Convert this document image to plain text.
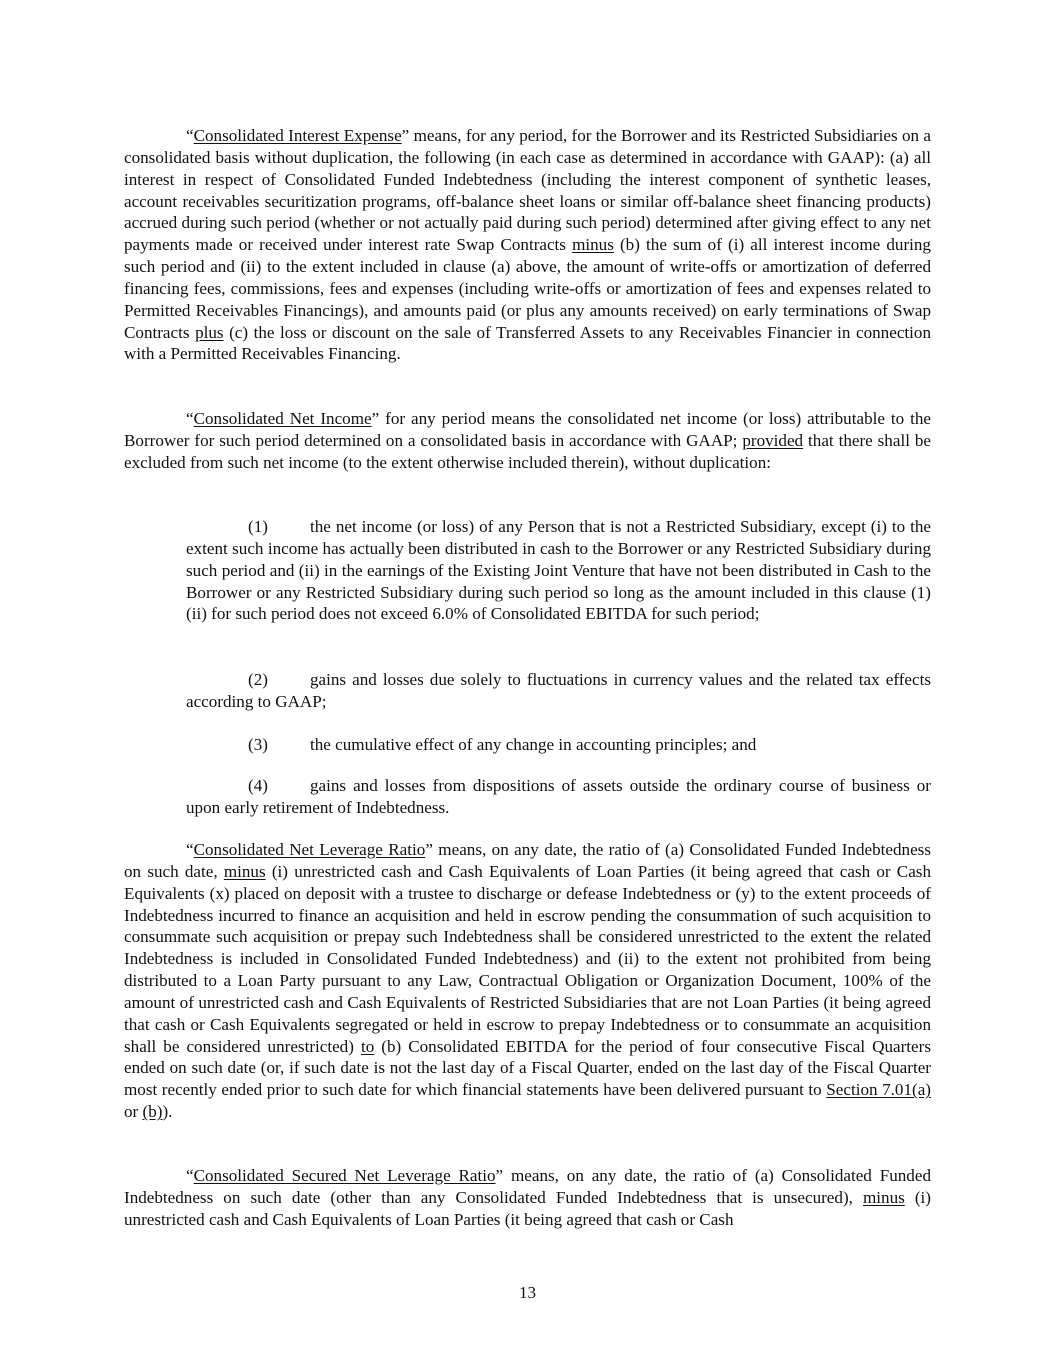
“Consolidated Interest Expense” means, for any period, for the Borrower and its Restricted Subsidiaries on a consolidated basis without duplication, the following (in each case as determined in accordance with GAAP): (a) all interest in respect of Consolidated Funded Indebtedness (including the interest component of synthetic leases, account receivables securitization programs, off-balance sheet loans or similar off-balance sheet financing products) accrued during such period (whether or not actually paid during such period) determined after giving effect to any net payments made or received under interest rate Swap Contracts minus (b) the sum of (i) all interest income during such period and (ii) to the extent included in clause (a) above, the amount of write-offs or amortization of deferred financing fees, commissions, fees and expenses (including write-offs or amortization of fees and expenses related to Permitted Receivables Financings), and amounts paid (or plus any amounts received) on early terminations of Swap Contracts plus (c) the loss or discount on the sale of Transferred Assets to any Receivables Financier in connection with a Permitted Receivables Financing.

“Consolidated Net Income” for any period means the consolidated net income (or loss) attributable to the Borrower for such period determined on a consolidated basis in accordance with GAAP; provided that there shall be excluded from such net income (to the extent otherwise included therein), without duplication:

(1) the net income (or loss) of any Person that is not a Restricted Subsidiary, except (i) to the extent such income has actually been distributed in cash to the Borrower or any Restricted Subsidiary during such period and (ii) in the earnings of the Existing Joint Venture that have not been distributed in Cash to the Borrower or any Restricted Subsidiary during such period so long as the amount included in this clause (1)(ii) for such period does not exceed 6.0% of Consolidated EBITDA for such period;

(2) gains and losses due solely to fluctuations in currency values and the related tax effects according to GAAP;

(3) the cumulative effect of any change in accounting principles; and

(4) gains and losses from dispositions of assets outside the ordinary course of business or upon early retirement of Indebtedness.

“Consolidated Net Leverage Ratio” means, on any date, the ratio of (a) Consolidated Funded Indebtedness on such date, minus (i) unrestricted cash and Cash Equivalents of Loan Parties (it being agreed that cash or Cash Equivalents (x) placed on deposit with a trustee to discharge or defease Indebtedness or (y) to the extent proceeds of Indebtedness incurred to finance an acquisition and held in escrow pending the consummation of such acquisition to consummate such acquisition or prepay such Indebtedness shall be considered unrestricted to the extent the related Indebtedness is included in Consolidated Funded Indebtedness) and (ii) to the extent not prohibited from being distributed to a Loan Party pursuant to any Law, Contractual Obligation or Organization Document, 100% of the amount of unrestricted cash and Cash Equivalents of Restricted Subsidiaries that are not Loan Parties (it being agreed that cash or Cash Equivalents segregated or held in escrow to prepay Indebtedness or to consummate an acquisition shall be considered unrestricted) to (b) Consolidated EBITDA for the period of four consecutive Fiscal Quarters ended on such date (or, if such date is not the last day of a Fiscal Quarter, ended on the last day of the Fiscal Quarter most recently ended prior to such date for which financial statements have been delivered pursuant to Section 7.01(a) or (b)).

“Consolidated Secured Net Leverage Ratio” means, on any date, the ratio of (a) Consolidated Funded Indebtedness on such date (other than any Consolidated Funded Indebtedness that is unsecured), minus (i) unrestricted cash and Cash Equivalents of Loan Parties (it being agreed that cash or Cash

13
